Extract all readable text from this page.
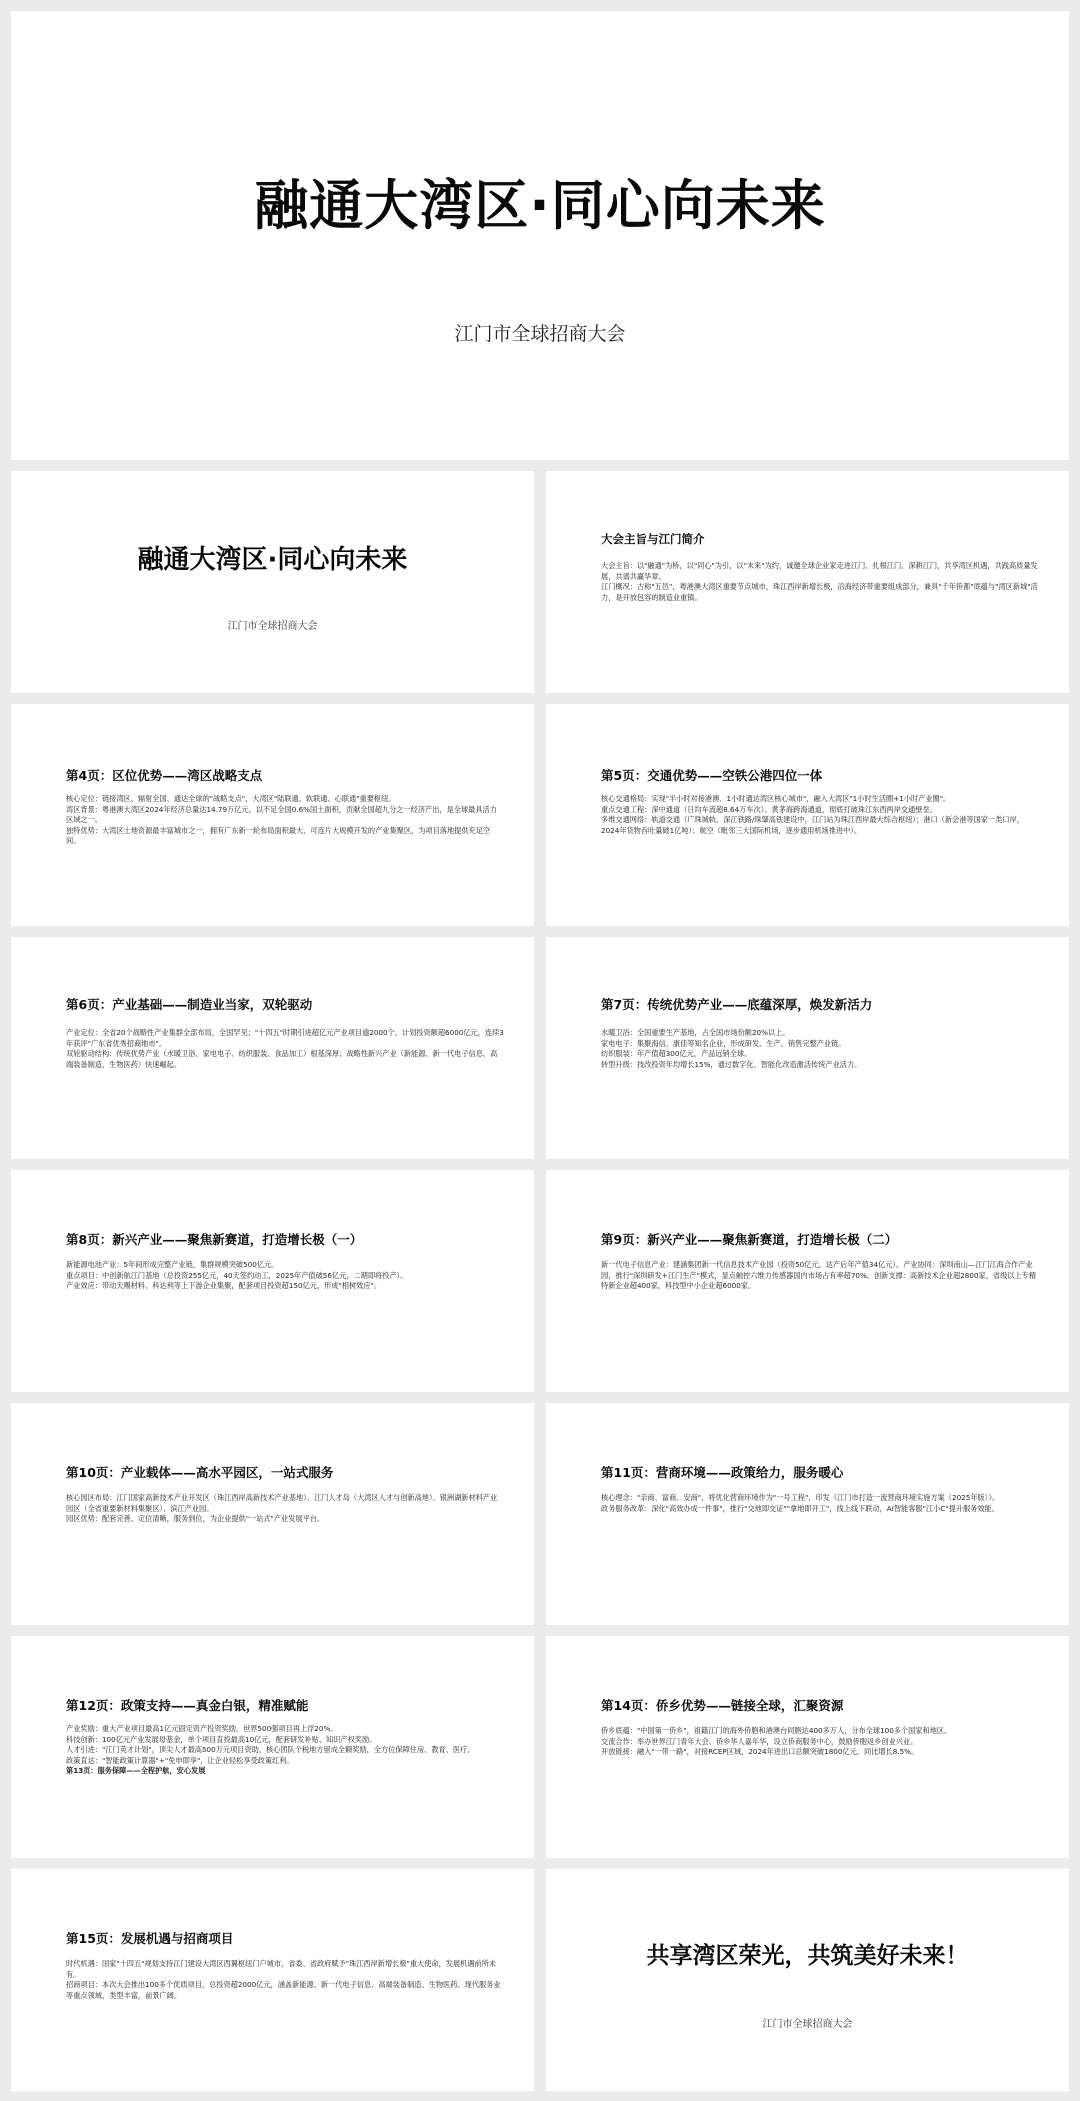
融通大湾区·同心向未来
江门市全球招商大会
融通大湾区·同心向未来
江门市全球招商大会
大会主旨与江门简介
大会主旨：以"融通"为桥，以"同心"为引，以"未来"为约，诚邀全球企业家走进江门、扎根江门、深耕江门，共享湾区机遇，共践高质量发展，共谱共赢华章。
江门概况：古称"五邑"，粤港澳大湾区重要节点城市，珠江西岸新增长极，沿海经济带重要组成部分，兼具"千年侨都"底蕴与"湾区新城"活力，是开放包容的制造业重镇。
第4页：区位优势——湾区战略支点
核心定位：链接湾区、辐射全国、通达全球的"战略支点"，大湾区"陆联通、软联通、心联通"重要枢纽。
湾区背景：粤港澳大湾区2024年经济总量达14.79万亿元，以不足全国0.6%国土面积，贡献全国超九分之一经济产出，是全球最具活力区域之一。
独特优势：大湾区土地资源最丰富城市之一，拥有广东新一轮布局面积最大、可连片大规模开发的产业集聚区，为项目落地提供充足空间。
第5页：交通优势——空铁公港四位一体
核心交通格局：实现"半小时对接港澳、1小时通达湾区核心城市"，融入大湾区"1小时生活圈+1小时产业圈"。
重点交通工程：深中通道（日均车流超8.64万车次）、黄茅海跨海通道，彻底打破珠江东西两岸交通壁垒。
多维交通网络：轨道交通（广珠城轨、深江铁路/珠肇高铁建设中，江门站为珠江西岸最大综合枢纽）；港口（新会港等国家一类口岸，2024年货物吞吐量破1亿吨）；航空（毗邻三大国际机场，逐步通用机场推进中）。
第6页：产业基础——制造业当家，双轮驱动
产业定位：全省20个战略性产业集群全部布局，全国罕见；"十四五"时期引进超亿元产业项目逾2000个，计划投资额超6000亿元，连续3年获评"广东省优秀招商地市"。
双轮驱动结构：传统优势产业（水暖卫浴、家电电子、纺织服装、食品加工）根基深厚；战略性新兴产业（新能源、新一代电子信息、高端装备制造、生物医药）快速崛起。
第7页：传统优势产业——底蕴深厚，焕发新活力
水暖卫浴：全国重要生产基地，占全国市场份额20%以上。
家电电子：集聚海信、康佳等知名企业，形成研发、生产、销售完整产业链。
纺织服装：年产值超300亿元，产品远销全球。
转型升级：技改投资年均增长15%，通过数字化、智能化改造激活传统产业活力。
第8页：新兴产业——聚焦新赛道，打造增长极（一）
新能源电池产业：5年间形成完整产业链，集群规模突破500亿元。
重点项目：中创新航江门基地（总投资255亿元，40天签约动工，2025年产值破56亿元，二期即将投产）。
产业效应：带动天赐材料、科达利等上下游企业集聚，配套项目投资超150亿元，形成"相树效应"。
第9页：新兴产业——聚焦新赛道，打造增长极（二）
新一代电子信息产业：建涵集团新一代信息技术产业园（投资50亿元，达产后年产值34亿元）。产业协同：深圳南山—江门江海合作产业园，推行"深圳研发+江门生产"模式，显点触控六维力传感器国内市场占有率超70%。创新支撑：高新技术企业超2800家，省级以上专精特新企业超400家，科技型中小企业超6000家。
第10页：产业载体——高水平园区，一站式服务
核心园区布局：江门国家高新技术产业开发区（珠江西岸高新技术产业基地）、江门人才岛（大湾区人才与创新高地）、银洲湖新材料产业园区（全省重要新材料集聚区）、滨江产业园。
园区优势：配套完善、定位清晰，服务到位，为企业提供"一站式"产业发展平台。
第11页：营商环境——政策给力，服务暖心
核心理念："亲商、富商、安商"，将优化营商环境作为"一号工程"，印发《江门市打造一流营商环境实施方案（2025年版）》。
政务服务改革：深化"高效办成一件事"，推行"交地即交证""拿地即开工"，线上线下联动，AI智能客服"江小C"提升服务效能。
第12页：政策支持——真金白银，精准赋能
产业奖励：重大产业项目最高1亿元固定资产投资奖励，世界500强项目再上浮20%。
科技创新：100亿元产业发展母基金，单个项目直投最高10亿元，配套研发补贴、知识产权奖励。
人才引进："江门英才计划"，顶尖人才最高500万元项目资助，核心团队个税地方留成全额奖励，全方位保障住房、教育、医疗。
政策直达："智能政策计算器"+"免申即享"，让企业轻松享受政策红利。
第13页：服务保障——全程护航，安心发展
第14页：侨乡优势——链接全球，汇聚资源
侨乡底蕴："中国第一侨乡"，祖籍江门的海外侨胞和港澳台同胞达400多万人，分布全球100多个国家和地区。
交流合作：举办世界江门青年大会、侨乡华人嘉年华，设立侨商服务中心，鼓励侨胞返乡创业兴业。
开放链接：融入"一带一路"，对接RCEP区域，2024年进出口总额突破1800亿元，同比增长8.5%。
第15页：发展机遇与招商项目
时代机遇：国家"十四五"规划支持江门建设大湾区西翼枢纽门户城市，省委、省政府赋予"珠江西岸新增长极"重大使命，发展机遇前所未有。
招商项目：本次大会推出100多个优质项目，总投资超2000亿元，涵盖新能源、新一代电子信息、高端装备制造、生物医药、现代服务业等重点领域，类型丰富，前景广阔。
共享湾区荣光，共筑美好未来！
江门市全球招商大会
